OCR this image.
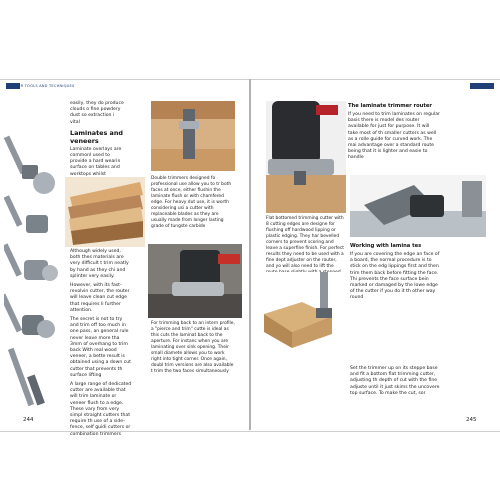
POWER TOOLS AND TECHNIQUES

easily, they do produce clouds o fine powdery dust so extraction i vital

Laminates and veneers

Laminate overlays are commonl used to provide a hard wearin surface on tables and worktops whilst

Although widely used, both thes materials are very difficult t trim neatly by hand as they chi and splinter very easily.

However, with its fast-revolvin cutter, the router will leave clean cut edge that requires li further attention.

The secret is not to try and trim off too much in one pass, an general rule never leave more tha 3mm of overhang to trim back With real wood veneer, a bette result is obtained using a down cut cutter that prevents th surface lifting

A large range of dedicated cutter are available that will trim laminate or veneer flush to a edge. These vary from very simpl straight cutters that require th use of a side-fence, self guidi cutters or combination trimmers

Double trimmers designed fo professional use allow you to tr both faces at once, either flushin the laminate flush or with chamfered edge. For heavy dut use, it is worth considering usi a cutter with replaceable blades as they are usually made from longer lasting grade of tungste carbide
For trimming back to an intern profile, a "pierce and trim" cutte is ideal as this cuts the laminat back to the aperture. For instanc when you are laminating over sink opening. Their small diamete allows you to work right into tight corner. Once again, doubl trim versions are also available t trim the two faces simultaneously
244
The laminate trimmer router

If you need to trim laminates on regular basis there is model des router available for just for purpose. It will take most of th smaller cutters as well as a rolle guide for curved work. The mai advantage over a standard route being that it is lighter and easie to handle

Flat bottomed trimming cutter with 8 cutting edges are designe for flushing off hardwood lipping or plastic edging. They har bevelled corners to prevent scoring and leave a superfine finish. For perfect results they need to be used with a fine dept adjuster on the router, and yo will also need to lift the
Working with lamina tes

If you are covering the edge an face of a board, the normal procedure is to stick on the edg lippings first and then trim them back before fitting the face. Thi prevents the face surface bein marked or damaged by the lowe edge of the cutter if you do it th other way round

Set the trimmer up on its steppe base and fit a bottom flat trimming cutter, adjusting th depth of cut with the fine adjuste until it just skims the uncovere top surface. To make the cut, sor

245
